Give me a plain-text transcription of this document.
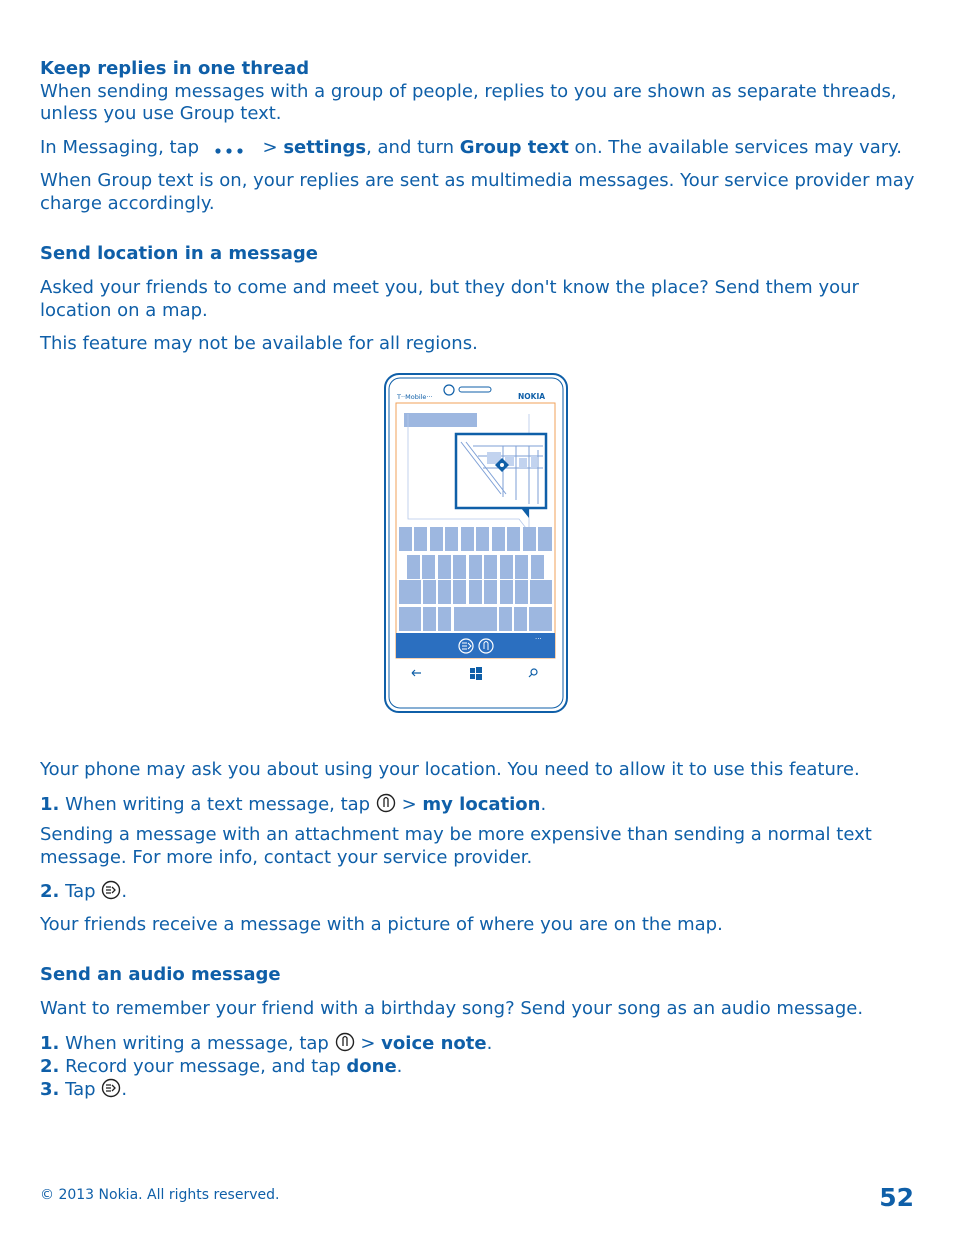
Keep replies in one thread

When sending messages with a group of people, replies to you are shown as separate threads, unless you use Group text.

In Messaging, tap	> settings, and turn Group text on. The available services may vary.

When Group text is on, your replies are sent as multimedia messages. Your service provider may charge accordingly.

Send location in a message

Asked your friends to come and meet you, but they don't know the place? Send them your location on a map.

This feature may not be available for all regions.

T··Mobile···	NOKIA
···

Your phone may ask you about using your location. You need to allow it to use this feature.

1. When writing a text message, tap > my location.

Sending a message with an attachment may be more expensive than sending a normal text message. For more info, contact your service provider.

2. Tap .

Your friends receive a message with a picture of where you are on the map.

Send an audio message

Want to remember your friend with a birthday song? Send your song as an audio message.

1. When writing a message, tap > voice note.

2. Record your message, and tap done.

3. Tap .

© 2013 Nokia. All rights reserved.	52
